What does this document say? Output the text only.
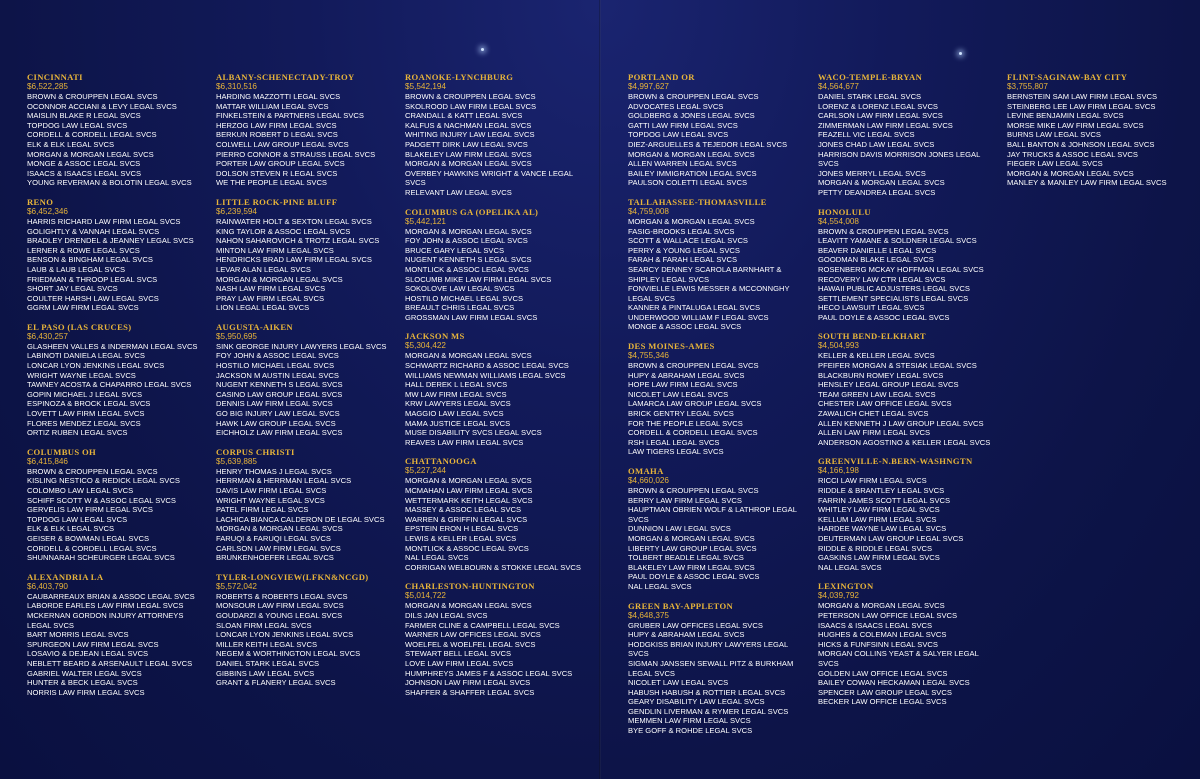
CINCINNATI
$6,522,285
BROWN & CROUPPEN LEGAL SVCS
OCONNOR ACCIANI & LEVY LEGAL SVCS
MAISLIN BLAKE R LEGAL SVCS
TOPDOG LAW LEGAL SVCS
CORDELL & CORDELL LEGAL SVCS
ELK & ELK LEGAL SVCS
MORGAN & MORGAN LEGAL SVCS
MONGE & ASSOC LEGAL SVCS
ISAACS & ISAACS LEGAL SVCS
YOUNG REVERMAN & BOLOTIN LEGAL SVCS
RENO
$6,452,346
HARRIS RICHARD LAW FIRM LEGAL SVCS
GOLIGHTLY & VANNAH LEGAL SVCS
BRADLEY DRENDEL & JEANNEY LEGAL SVCS
LERNER & ROWE LEGAL SVCS
BENSON & BINGHAM LEGAL SVCS
LAUB & LAUB LEGAL SVCS
FRIEDMAN & THROOP LEGAL SVCS
SHORT JAY LEGAL SVCS
COULTER HARSH LAW LEGAL SVCS
GGRM LAW FIRM LEGAL SVCS
EL PASO (LAS CRUCES)
$6,430,257
GLASHEEN VALLES & INDERMAN LEGAL SVCS
LABINOTI DANIELA LEGAL SVCS
LONCAR LYON JENKINS LEGAL SVCS
WRIGHT WAYNE LEGAL SVCS
TAWNEY ACOSTA & CHAPARRO LEGAL SVCS
GOPIN MICHAEL J LEGAL SVCS
ESPINOZA & BROCK LEGAL SVCS
LOVETT LAW FIRM LEGAL SVCS
FLORES MENDEZ LEGAL SVCS
ORTIZ RUBEN LEGAL SVCS
COLUMBUS OH
$6,415,846
BROWN & CROUPPEN LEGAL SVCS
KISLING NESTICO & REDICK LEGAL SVCS
COLOMBO LAW LEGAL SVCS
SCHIFF SCOTT W & ASSOC LEGAL SVCS
GERVELIS LAW FIRM LEGAL SVCS
TOPDOG LAW LEGAL SVCS
ELK & ELK LEGAL SVCS
GEISER & BOWMAN LEGAL SVCS
CORDELL & CORDELL LEGAL SVCS
SHUNNARAH SCHEURGER LEGAL SVCS
ALEXANDRIA LA
$6,403,790
CAUBARREAUX BRIAN & ASSOC LEGAL SVCS
LABORDE EARLES LAW FIRM LEGAL SVCS
MCKERNAN GORDON INJURY ATTORNEYS LEGAL SVCS
BART MORRIS LEGAL SVCS
SPURGEON LAW FIRM LEGAL SVCS
LOSAVIO & DEJEAN LEGAL SVCS
NEBLETT BEARD & ARSENAULT LEGAL SVCS
GABRIEL WALTER LEGAL SVCS
HUNTER & BECK LEGAL SVCS
NORRIS LAW FIRM LEGAL SVCS
ALBANY-SCHENECTADY-TROY
$6,310,516
HARDING MAZZOTTI LEGAL SVCS
MATTAR WILLIAM LEGAL SVCS
FINKELSTEIN & PARTNERS LEGAL SVCS
HERZOG LAW FIRM LEGAL SVCS
BERKUN ROBERT D LEGAL SVCS
COLWELL LAW GROUP LEGAL SVCS
PIERRO CONNOR & STRAUSS LEGAL SVCS
PORTER LAW GROUP LEGAL SVCS
DOLSON STEVEN R LEGAL SVCS
WE THE PEOPLE LEGAL SVCS
LITTLE ROCK-PINE BLUFF
$6,239,594
RAINWATER HOLT & SEXTON LEGAL SVCS
KING TAYLOR & ASSOC LEGAL SVCS
NAHON SAHAROVICH & TROTZ LEGAL SVCS
MINTON LAW FIRM LEGAL SVCS
HENDRICKS BRAD LAW FIRM LEGAL SVCS
LEVAR ALAN LEGAL SVCS
MORGAN & MORGAN LEGAL SVCS
NASH LAW FIRM LEGAL SVCS
PRAY LAW FIRM LEGAL SVCS
LION LEGAL LEGAL SVCS
AUGUSTA-AIKEN
$5,950,695
SINK GEORGE INJURY LAWYERS LEGAL SVCS
FOY JOHN & ASSOC LEGAL SVCS
HOSTILO MICHAEL LEGAL SVCS
JACKSON M AUSTIN LEGAL SVCS
NUGENT KENNETH S LEGAL SVCS
CASINO LAW GROUP LEGAL SVCS
DENNIS LAW FIRM LEGAL SVCS
GO BIG INJURY LAW LEGAL SVCS
HAWK LAW GROUP LEGAL SVCS
EICHHOLZ LAW FIRM LEGAL SVCS
CORPUS CHRISTI
$5,639,885
HENRY THOMAS J LEGAL SVCS
HERRMAN & HERRMAN LEGAL SVCS
DAVIS LAW FIRM LEGAL SVCS
WRIGHT WAYNE LEGAL SVCS
PATEL FIRM LEGAL SVCS
LACHICA BIANCA CALDERON DE LEGAL SVCS
MORGAN & MORGAN LEGAL SVCS
FARUQI & FARUQI LEGAL SVCS
CARLSON LAW FIRM LEGAL SVCS
BRUNKENHOEFER LEGAL SVCS
TYLER-LONGVIEW(LFKN&NCGD)
$5,572,042
ROBERTS & ROBERTS LEGAL SVCS
MONSOUR LAW FIRM LEGAL SVCS
GOUDARZI & YOUNG LEGAL SVCS
SLOAN FIRM LEGAL SVCS
LONCAR LYON JENKINS LEGAL SVCS
MILLER KEITH LEGAL SVCS
NEGEM & WORTHINGTON LEGAL SVCS
DANIEL STARK LEGAL SVCS
GIBBINS LAW LEGAL SVCS
GRANT & FLANERY LEGAL SVCS
ROANOKE-LYNCHBURG
$5,542,194
BROWN & CROUPPEN LEGAL SVCS
SKOLROOD LAW FIRM LEGAL SVCS
CRANDALL & KATT LEGAL SVCS
KALFUS & NACHMAN LEGAL SVCS
WHITING INJURY LAW LEGAL SVCS
PADGETT DIRK LAW LEGAL SVCS
BLAKELEY LAW FIRM LEGAL SVCS
MORGAN & MORGAN LEGAL SVCS
OVERBEY HAWKINS WRIGHT & VANCE LEGAL SVCS
RELEVANT LAW LEGAL SVCS
COLUMBUS GA (OPELIKA AL)
$5,442,121
MORGAN & MORGAN LEGAL SVCS
FOY JOHN & ASSOC LEGAL SVCS
BRUCE GARY LEGAL SVCS
NUGENT KENNETH S LEGAL SVCS
MONTLICK & ASSOC LEGAL SVCS
SLOCUMB MIKE LAW FIRM LEGAL SVCS
SOKOLOVE LAW LEGAL SVCS
HOSTILO MICHAEL LEGAL SVCS
BREAULT CHRIS LEGAL SVCS
GROSSMAN LAW FIRM LEGAL SVCS
JACKSON MS
$5,304,422
MORGAN & MORGAN LEGAL SVCS
SCHWARTZ RICHARD & ASSOC LEGAL SVCS
WILLIAMS NEWMAN WILLIAMS LEGAL SVCS
HALL DEREK L LEGAL SVCS
MW LAW FIRM LEGAL SVCS
KRW LAWYERS LEGAL SVCS
MAGGIO LAW LEGAL SVCS
MAMA JUSTICE LEGAL SVCS
MUSE DISABILITY SVCS LEGAL SVCS
REAVES LAW FIRM LEGAL SVCS
CHATTANOOGA
$5,227,244
MORGAN & MORGAN LEGAL SVCS
MCMAHAN LAW FIRM LEGAL SVCS
WETTERMARK KEITH LEGAL SVCS
MASSEY & ASSOC LEGAL SVCS
WARREN & GRIFFIN LEGAL SVCS
EPSTEIN ERON H LEGAL SVCS
LEWIS & KELLER LEGAL SVCS
MONTLICK & ASSOC LEGAL SVCS
NAL LEGAL SVCS
CORRIGAN WELBOURN & STOKKE LEGAL SVCS
CHARLESTON-HUNTINGTON
$5,014,722
MORGAN & MORGAN LEGAL SVCS
DILS JAN LEGAL SVCS
FARMER CLINE & CAMPBELL LEGAL SVCS
WARNER LAW OFFICES LEGAL SVCS
WOELFEL & WOELFEL LEGAL SVCS
STEWART BELL LEGAL SVCS
LOVE LAW FIRM LEGAL SVCS
HUMPHREYS JAMES F & ASSOC LEGAL SVCS
JOHNSON LAW FIRM LEGAL SVCS
SHAFFER & SHAFFER LEGAL SVCS
PORTLAND OR
$4,997,627
BROWN & CROUPPEN LEGAL SVCS
ADVOCATES LEGAL SVCS
GOLDBERG & JONES LEGAL SVCS
GATTI LAW FIRM LEGAL SVCS
TOPDOG LAW LEGAL SVCS
DIEZ-ARGUELLES & TEJEDOR LEGAL SVCS
MORGAN & MORGAN LEGAL SVCS
ALLEN WARREN LEGAL SVCS
BAILEY IMMIGRATION LEGAL SVCS
PAULSON COLETTI LEGAL SVCS
TALLAHASSEE-THOMASVILLE
$4,759,008
MORGAN & MORGAN LEGAL SVCS
FASIG-BROOKS LEGAL SVCS
SCOTT & WALLACE LEGAL SVCS
PERRY & YOUNG LEGAL SVCS
FARAH & FARAH LEGAL SVCS
SEARCY DENNEY SCAROLA BARNHART & SHIPLEY LEGAL SVCS
FONVIELLE LEWIS MESSER & MCCONNGHY LEGAL SVCS
KANNER & PINTALUGA LEGAL SVCS
UNDERWOOD WILLIAM F LEGAL SVCS
MONGE & ASSOC LEGAL SVCS
DES MOINES-AMES
$4,755,346
BROWN & CROUPPEN LEGAL SVCS
HUPY & ABRAHAM LEGAL SVCS
HOPE LAW FIRM LEGAL SVCS
NICOLET LAW LEGAL SVCS
LAMARCA LAW GROUP LEGAL SVCS
BRICK GENTRY LEGAL SVCS
FOR THE PEOPLE LEGAL SVCS
CORDELL & CORDELL LEGAL SVCS
RSH LEGAL LEGAL SVCS
LAW TIGERS LEGAL SVCS
OMAHA
$4,660,026
BROWN & CROUPPEN LEGAL SVCS
BERRY LAW FIRM LEGAL SVCS
HAUPTMAN OBRIEN WOLF & LATHROP LEGAL SVCS
DUNNION LAW LEGAL SVCS
MORGAN & MORGAN LEGAL SVCS
LIBERTY LAW GROUP LEGAL SVCS
TOLBERT BEADLE LEGAL SVCS
BLAKELEY LAW FIRM LEGAL SVCS
PAUL DOYLE & ASSOC LEGAL SVCS
NAL LEGAL SVCS
GREEN BAY-APPLETON
$4,648,375
GRUBER LAW OFFICES LEGAL SVCS
HUPY & ABRAHAM LEGAL SVCS
HODGKISS BRIAN INJURY LAWYERS LEGAL SVCS
SIGMAN JANSSEN SEWALL PITZ & BURKHAM LEGAL SVCS
NICOLET LAW LEGAL SVCS
HABUSH HABUSH & ROTTIER LEGAL SVCS
GEARY DISABILITY LAW LEGAL SVCS
GENDLIN LIVERMAN & RYMER LEGAL SVCS
MEMMEN LAW FIRM LEGAL SVCS
BYE GOFF & ROHDE LEGAL SVCS
WACO-TEMPLE-BRYAN
$4,564,677
DANIEL STARK LEGAL SVCS
LORENZ & LORENZ LEGAL SVCS
CARLSON LAW FIRM LEGAL SVCS
ZIMMERMAN LAW FIRM LEGAL SVCS
FEAZELL VIC LEGAL SVCS
JONES CHAD LAW LEGAL SVCS
HARRISON DAVIS MORRISON JONES LEGAL SVCS
JONES MERRYL LEGAL SVCS
MORGAN & MORGAN LEGAL SVCS
PETTY DEANDREA LEGAL SVCS
HONOLULU
$4,554,008
BROWN & CROUPPEN LEGAL SVCS
LEAVITT YAMANE & SOLDNER LEGAL SVCS
BEAVER DANIELLE LEGAL SVCS
GOODMAN BLAKE LEGAL SVCS
ROSENBERG MCKAY HOFFMAN LEGAL SVCS
RECOVERY LAW CTR LEGAL SVCS
HAWAII PUBLIC ADJUSTERS LEGAL SVCS
SETTLEMENT SPECIALISTS LEGAL SVCS
HECO LAWSUIT LEGAL SVCS
PAUL DOYLE & ASSOC LEGAL SVCS
SOUTH BEND-ELKHART
$4,504,993
KELLER & KELLER LEGAL SVCS
PFEIFER MORGAN & STESIAK LEGAL SVCS
BLACKBURN ROMEY LEGAL SVCS
HENSLEY LEGAL GROUP LEGAL SVCS
TEAM GREEN LAW LEGAL SVCS
CHESTER LAW OFFICE LEGAL SVCS
ZAWALICH CHET LEGAL SVCS
ALLEN KENNETH J LAW GROUP LEGAL SVCS
ALLEN LAW FIRM LEGAL SVCS
ANDERSON AGOSTINO & KELLER LEGAL SVCS
GREENVILLE-N.BERN-WASHNGTN
$4,166,198
RICCI LAW FIRM LEGAL SVCS
RIDDLE & BRANTLEY LEGAL SVCS
FARRIN JAMES SCOTT LEGAL SVCS
WHITLEY LAW FIRM LEGAL SVCS
KELLUM LAW FIRM LEGAL SVCS
HARDEE WAYNE LAW LEGAL SVCS
DEUTERMAN LAW GROUP LEGAL SVCS
RIDDLE & RIDDLE LEGAL SVCS
GASKINS LAW FIRM LEGAL SVCS
NAL LEGAL SVCS
LEXINGTON
$4,039,792
MORGAN & MORGAN LEGAL SVCS
PETERSON LAW OFFICE LEGAL SVCS
ISAACS & ISAACS LEGAL SVCS
HUGHES & COLEMAN LEGAL SVCS
HICKS & FUNFSINN LEGAL SVCS
MORGAN COLLINS YEAST & SALYER LEGAL SVCS
GOLDEN LAW OFFICE LEGAL SVCS
BAILEY COWAN HECKAMAN LEGAL SVCS
SPENCER LAW GROUP LEGAL SVCS
BECKER LAW OFFICE LEGAL SVCS
FLINT-SAGINAW-BAY CITY
$3,755,807
BERNSTEIN SAM LAW FIRM LEGAL SVCS
STEINBERG LEE LAW FIRM LEGAL SVCS
LEVINE BENJAMIN LEGAL SVCS
MORSE MIKE LAW FIRM LEGAL SVCS
BURNS LAW LEGAL SVCS
BALL BANTON & JOHNSON LEGAL SVCS
JAY TRUCKS & ASSOC LEGAL SVCS
FIEGER LAW LEGAL SVCS
MORGAN & MORGAN LEGAL SVCS
MANLEY & MANLEY LAW FIRM LEGAL SVCS
